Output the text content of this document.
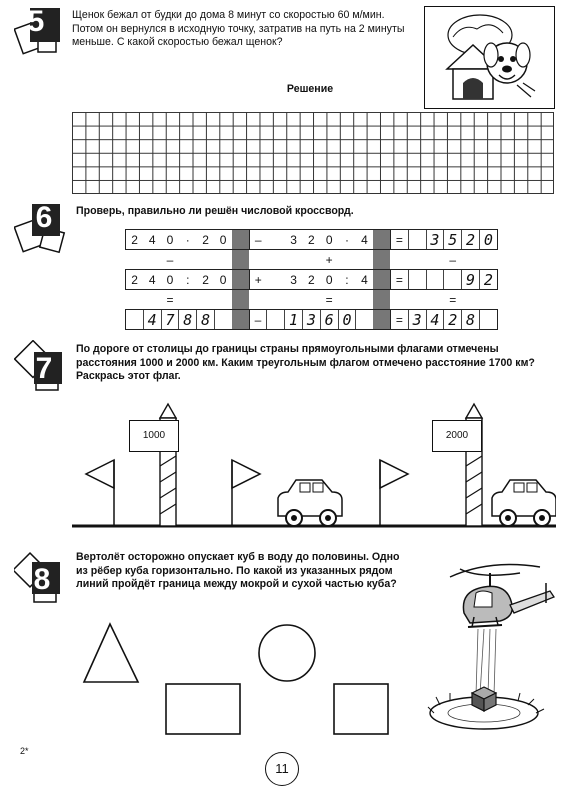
5	Щенок бежал от будки до дома 8 минут со скоростью 60 м/мин. Потом он вернулся в исходную точку, затратив на путь на 2 минуты меньше. С какой скоростью бежал щенок?
Решение
6	Проверь, правильно ли решён числовой кроссворд.
2	4	0	·	2	0		–		3	2	0	·	4		=		3	5	2	0
		–									+							–		
2	4	0	:	2	0		+		3	2	0	:	4		=				9	2
		=									=							=		
	4	7	8	8			–		1	3	6	0			=	3	4	2	8	
7
По дороге от столицы до границы страны прямоугольными флагами отмечены расстояния 1000 и 2000 км. Каким треугольным флагом отмечено расстояние 1700 км? Раскрась этот флаг.
1000	2000
8
Вертолёт осторожно опускает куб в воду до половины. Одно из рёбер куба горизонтально. По какой из указанных рядом линий пройдёт граница между мокрой и сухой частью куба?
2*
11
